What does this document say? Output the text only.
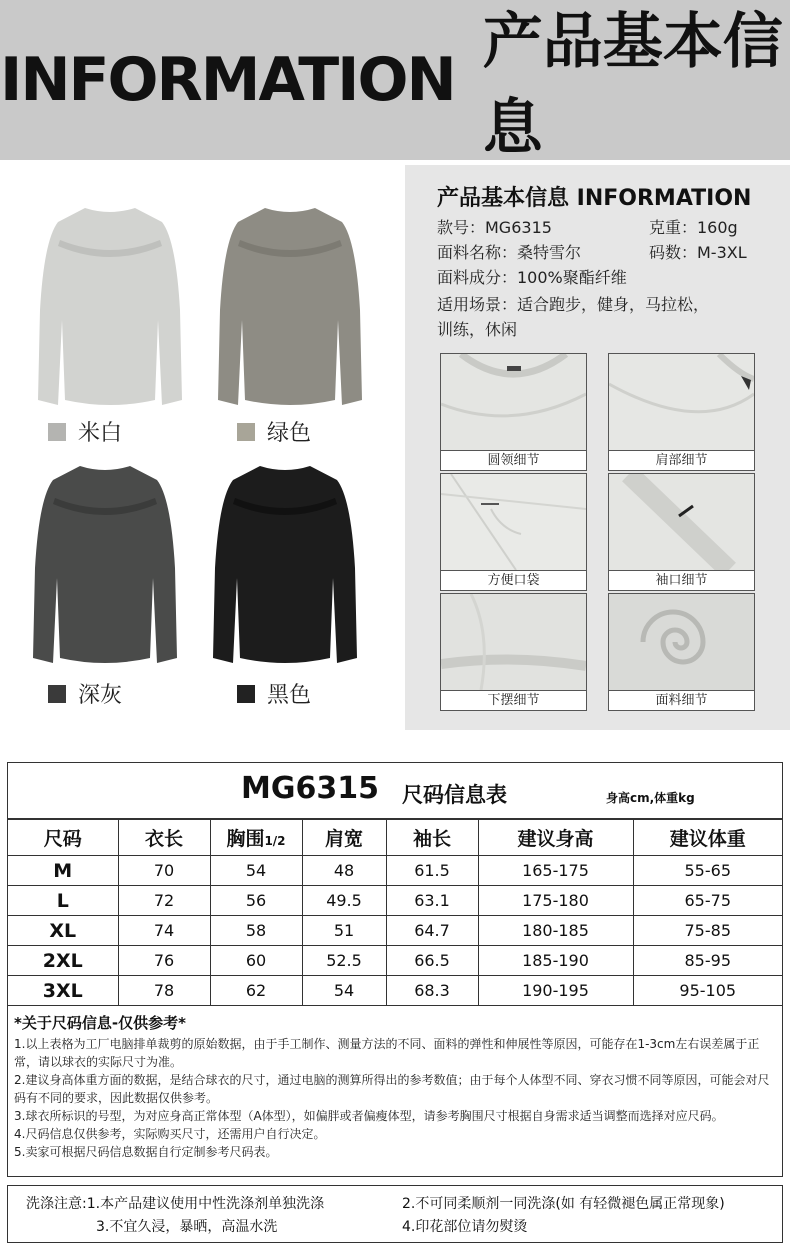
INFORMATION
产品基本信息
米白	绿色
深灰	黑色
产品基本信息 INFORMATION
款号：MG6315	克重：160g
面料名称：桑特雪尔	码数：M-3XL
面料成分：100%聚酯纤维
适用场景：适合跑步，健身，马拉松，
训练，休闲
圆领细节	肩部细节
方便口袋	袖口细节
下摆细节	面料细节
MG6315 尺码信息表	身高cm,体重kg
尺码	衣长	胸围1/2	肩宽	袖长	建议身高	建议体重
M	70	54	48	61.5	165-175	55-65
L	72	56	49.5	63.1	175-180	65-75
XL	74	58	51	64.7	180-185	75-85
2XL	76	60	52.5	66.5	185-190	85-95
3XL	78	62	54	68.3	190-195	95-105
*关于尺码信息-仅供参考*
1.以上表格为工厂电脑排单裁剪的原始数据，由于手工制作、测量方法的不同、面料的弹性和伸展性等原因，可能存在1-3cm左右误差属于正常，请以球衣的实际尺寸为准。
2.建议身高体重方面的数据，是结合球衣的尺寸，通过电脑的测算所得出的参考数值；由于每个人体型不同、穿衣习惯不同等原因，可能会对尺码有不同的要求，因此数据仅供参考。
3.球衣所标识的号型，为对应身高正常体型（A体型），如偏胖或者偏瘦体型，请参考胸围尺寸根据自身需求适当调整而选择对应尺码。
4.尺码信息仅供参考，实际购买尺寸，还需用户自行决定。
5.卖家可根据尺码信息数据自行定制参考尺码表。
洗涤注意:1.本产品建议使用中性洗涤剂单独洗涤	2.不可同柔顺剂一同洗涤(如 有轻微褪色属正常现象)
3.不宜久浸，暴晒，高温水洗	4.印花部位请勿熨烫
